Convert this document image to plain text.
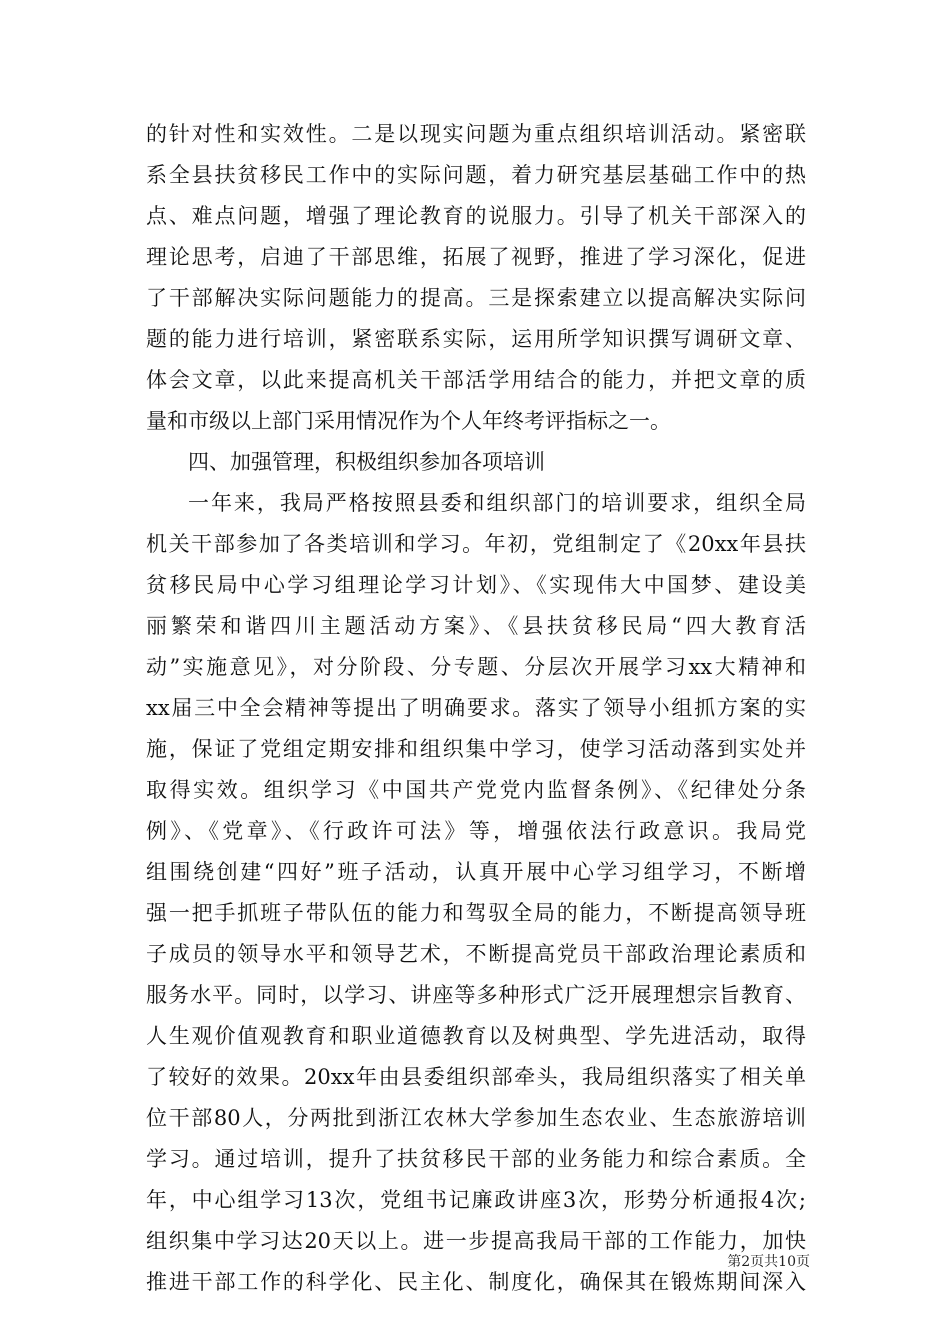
的针对性和实效性。二是以现实问题为重点组织培训活动。紧密联
系全县扶贫移民工作中的实际问题，着力研究基层基础工作中的热
点、难点问题，增强了理论教育的说服力。引导了机关干部深入的
理论思考，启迪了干部思维，拓展了视野，推进了学习深化，促进
了干部解决实际问题能力的提高。三是探索建立以提高解决实际问
题的能力进行培训，紧密联系实际，运用所学知识撰写调研文章、
体会文章，以此来提高机关干部活学用结合的能力，并把文章的质
量和市级以上部门采用情况作为个人年终考评指标之一。
四、加强管理，积极组织参加各项培训
一年来，我局严格按照县委和组织部门的培训要求，组织全局
机关干部参加了各类培训和学习。年初，党组制定了《20xx年县扶
贫移民局中心学习组理论学习计划》、《实现伟大中国梦、建设美
丽繁荣和谐四川主题活动方案》、《县扶贫移民局“四大教育活
动”实施意见》，对分阶段、分专题、分层次开展学习xx大精神和
xx届三中全会精神等提出了明确要求。落实了领导小组抓方案的实
施，保证了党组定期安排和组织集中学习，使学习活动落到实处并
取得实效。组织学习《中国共产党党内监督条例》、《纪律处分条
例》、《党章》、《行政许可法》等，增强依法行政意识。我局党
组围绕创建“四好”班子活动，认真开展中心学习组学习，不断增
强一把手抓班子带队伍的能力和驾驭全局的能力，不断提高领导班
子成员的领导水平和领导艺术，不断提高党员干部政治理论素质和
服务水平。同时，以学习、讲座等多种形式广泛开展理想宗旨教育、
人生观价值观教育和职业道德教育以及树典型、学先进活动，取得
了较好的效果。20xx年由县委组织部牵头，我局组织落实了相关单
位干部80人，分两批到浙江农林大学参加生态农业、生态旅游培训
学习。通过培训，提升了扶贫移民干部的业务能力和综合素质。全
年，中心组学习13次，党组书记廉政讲座3次，形势分析通报4次;
组织集中学习达20天以上。进一步提高我局干部的工作能力，加快
推进干部工作的科学化、民主化、制度化，确保其在锻炼期间深入
第2页共10页
